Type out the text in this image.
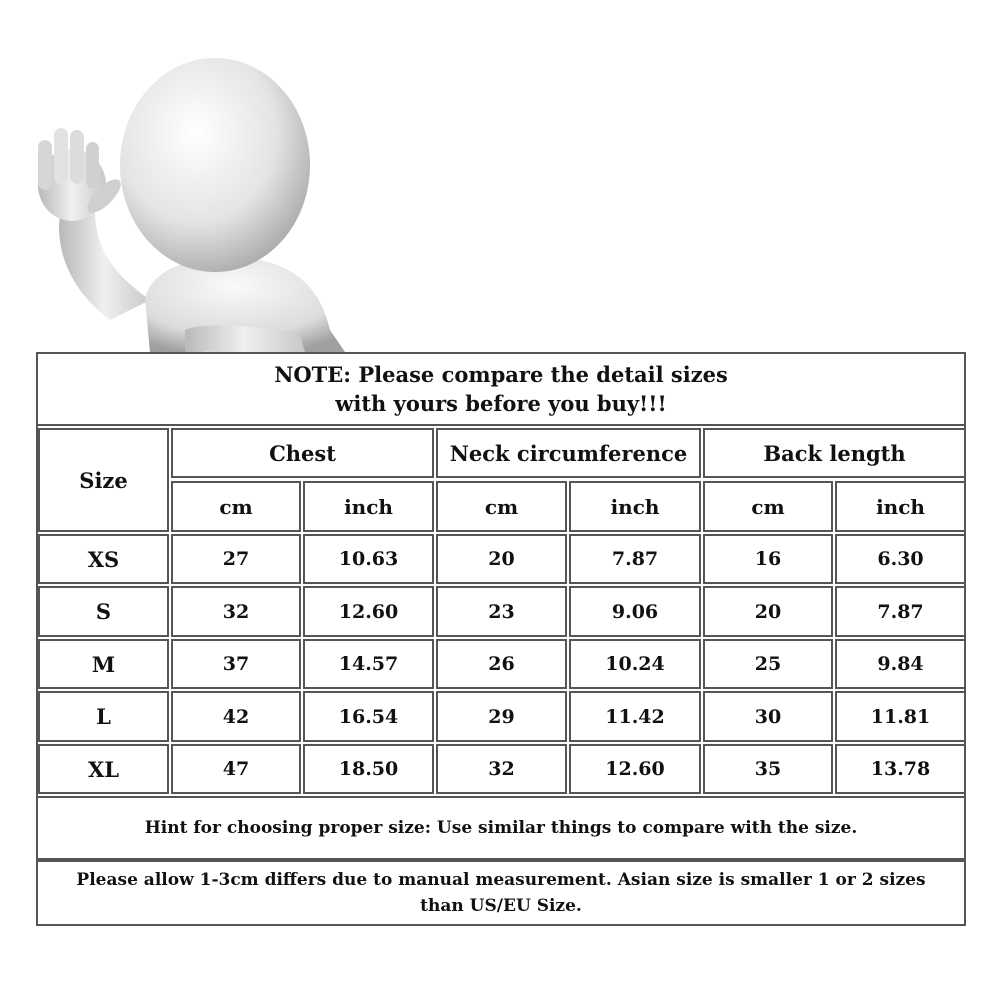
NOTE: Please compare the detail sizes
with yours before you buy!!!
Size
Chest	Neck circumference	Back length
cm	inch	cm	inch	cm	inch
XS	27	10.63	20	7.87	16	6.30
S	32	12.60	23	9.06	20	7.87
M	37	14.57	26	10.24	25	9.84
L	42	16.54	29	11.42	30	11.81
XL	47	18.50	32	12.60	35	13.78
Hint for choosing proper size: Use similar things to compare with the size.
Please allow 1-3cm differs due to manual measurement. Asian size is smaller 1 or 2 sizes than US/EU Size.
